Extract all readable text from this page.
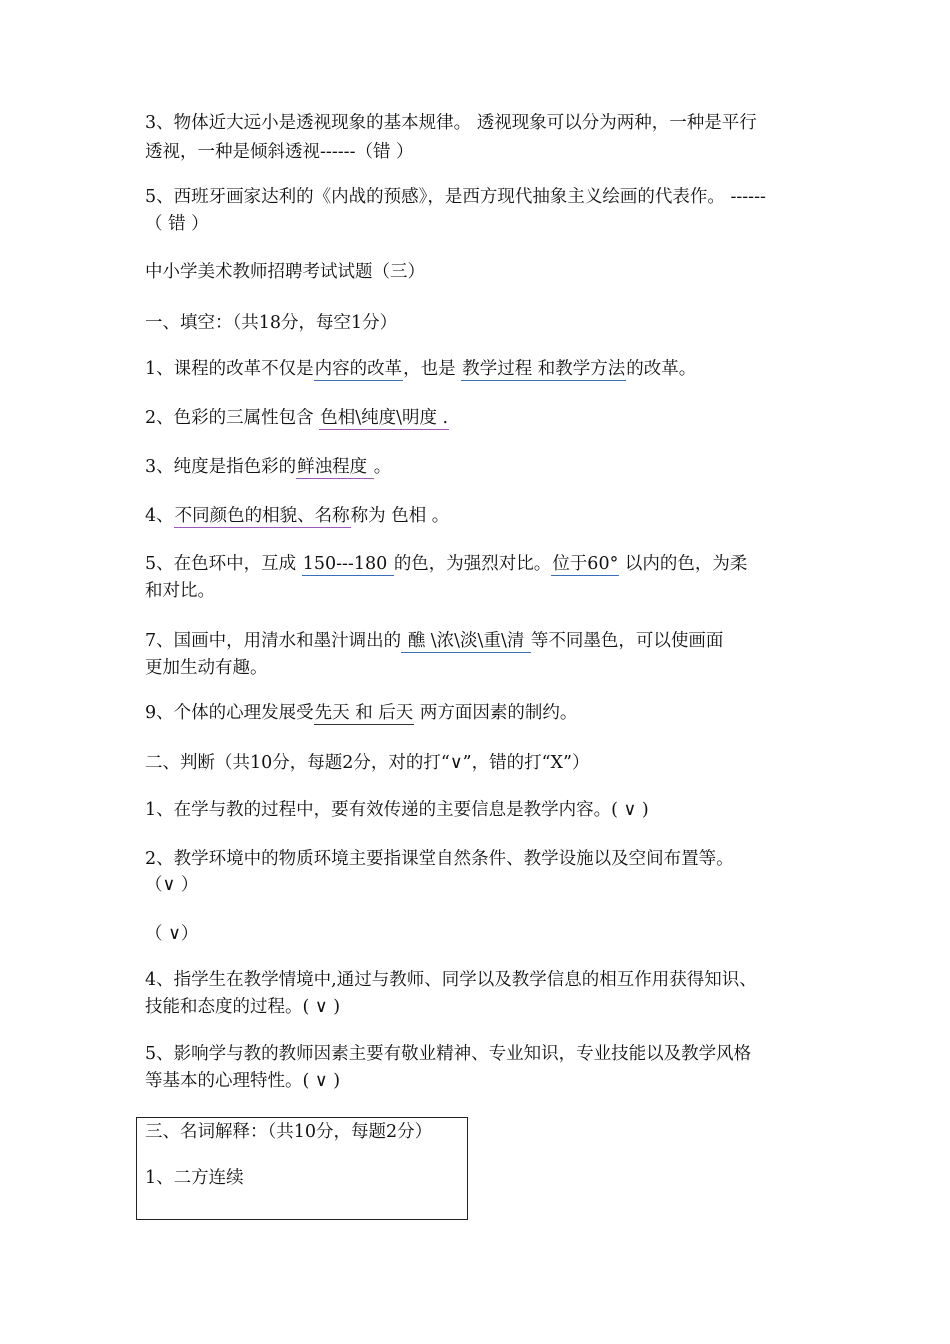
3、物体近大远小是透视现象的基本规律。 透视现象可以分为两种，一种是平行
透视，一种是倾斜透视------（错 ）
5、西班牙画家达利的《内战的预感》，是西方现代抽象主义绘画的代表作。 ------
（ 错 ）
中小学美术教师招聘考试试题（三）
一、填空：（共18分，每空1分）
1、课程的改革不仅是内容的改革，也是 教学过程 和教学方法的改革。
2、色彩的三属性包含 色相\纯度\明度 .
3、纯度是指色彩的鲜浊程度 。
4、不同颜色的相貌、名称称为 色相 。
5、在色环中，互成 150---180 的色，为强烈对比。位于60° 以内的色，为柔
和对比。
7、国画中，用清水和墨汁调出的 醮 \浓\淡\重\清 等不同墨色，可以使画面
更加生动有趣。
9、个体的心理发展受先天 和 后天 两方面因素的制约。
二、判断（共10分，每题2分，对的打“∨”，错的打“X”）
1、在学与教的过程中，要有效传递的主要信息是教学内容。( ∨ )
2、教学环境中的物质环境主要指课堂自然条件、教学设施以及空间布置等。
（∨ ）
（ ∨）
4、指学生在教学情境中,通过与教师、同学以及教学信息的相互作用获得知识、
技能和态度的过程。( ∨ )
5、影响学与教的教师因素主要有敬业精神、专业知识，专业技能以及教学风格
等基本的心理特性。( ∨ )
三、名词解释：（共10分，每题2分）
1、二方连续
